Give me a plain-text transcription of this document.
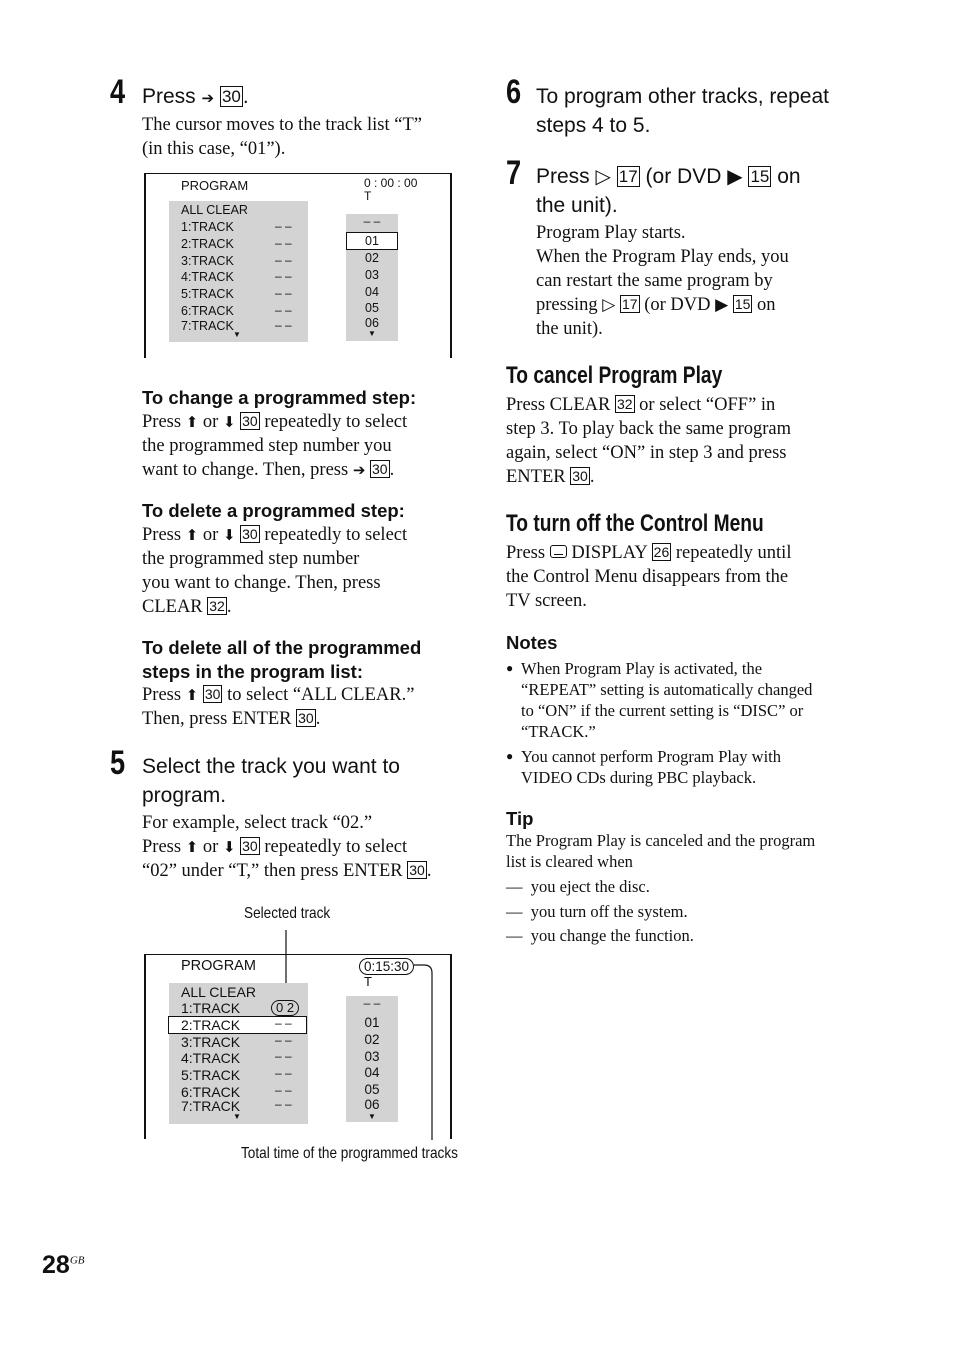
4 Press ➔ 30.
The cursor moves to the track list “T”
(in this case, “01”).
PROGRAM	0 : 00 : 00
T
ALL CLEAR
1:TRACK	– –
2:TRACK	– –
3:TRACK	– –
4:TRACK	– –
5:TRACK	– –
6:TRACK	– –
7:TRACK	– –
▼
– –
01
02
03
04
05
06
▼
To change a programmed step:
Press ⬆ or ⬇ 30 repeatedly to select
the programmed step number you
want to change. Then, press ➔ 30 .
To delete a programmed step:
Press ⬆ or ⬇ 30 repeatedly to select
the programmed step number
you want to change. Then, press
CLEAR 32 .
To delete all of the programmed
steps in the program list:
Press ⬆ 30 to select “ALL CLEAR.”
Then, press ENTER 30 .
5 Select the track you want to
program.
For example, select track “02.”
Press ⬆ or ⬇ 30 repeatedly to select
“02” under “T,” then press ENTER 30 .
Selected track
Total time of the programmed tracks
PROGRAM	0:15:30
T
ALL CLEAR
1:TRACK	0 2
2:TRACK	– –
3:TRACK	– –
4:TRACK	– –
5:TRACK	– –
6:TRACK	– –
7:TRACK	– –
▼
– –
01
02
03
04
05
06
▼
6 To program other tracks, repeat
steps 4 to 5.
7 Press ▷ 17 (or DVD ▶ 15 on
the unit).
Program Play starts.
When the Program Play ends, you
can restart the same program by
pressing ▷ 17 (or DVD ▶ 15 on
the unit).
To cancel Program Play
Press CLEAR 32 or select “OFF” in
step 3. To play back the same program
again, select “ON” in step 3 and press
ENTER 30 .
To turn off the Control Menu
Press DISPLAY 26 repeatedly until
the Control Menu disappears from the
TV screen.
Notes
● When Program Play is activated, the
“REPEAT” setting is automatically changed
to “ON” if the current setting is “DISC” or
“TRACK.”
● You cannot perform Program Play with
VIDEO CDs during PBC playback.
Tip
The Program Play is canceled and the program
list is cleared when
— you eject the disc.
— you turn off the system.
— you change the function.
$28^{GB}$
